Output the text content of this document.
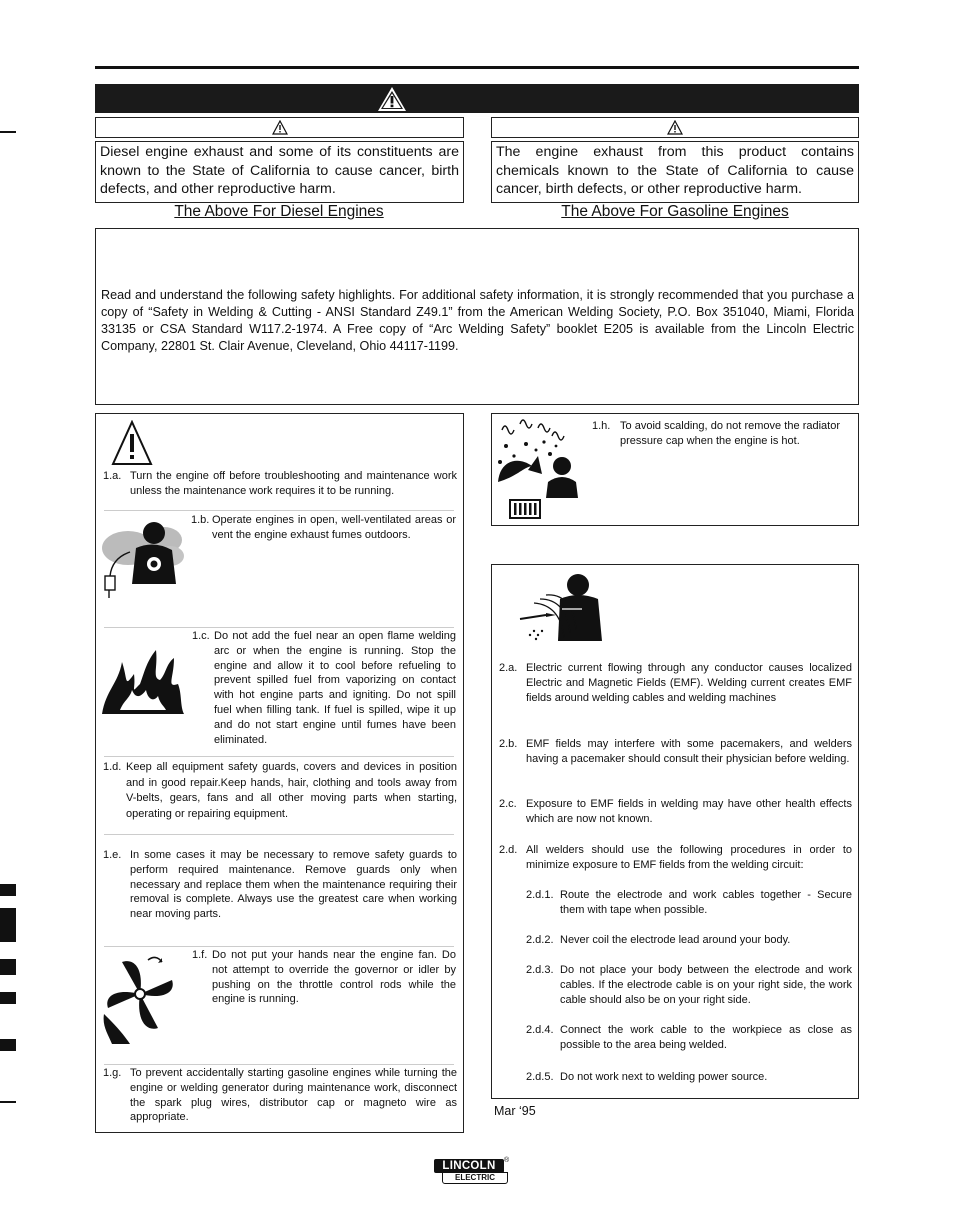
Diesel engine exhaust and some of its constituents are known to the State of California to cause cancer, birth defects, and other reproductive harm.

The engine exhaust from this product contains chemicals known to the State of California to cause cancer, birth defects, or other reproductive harm.

The Above For Diesel Engines	The Above For Gasoline Engines

Read and understand the following safety highlights. For additional safety information, it is strongly recommended that you purchase a copy of “Safety in Welding & Cutting - ANSI Standard Z49.1” from the American Welding Society, P.O. Box 351040, Miami, Florida 33135 or CSA Standard W117.2-1974. A Free copy of “Arc Welding Safety” booklet E205 is available from the Lincoln Electric Company, 22801 St. Clair Avenue, Cleveland, Ohio 44117-1199.

1.a. Turn the engine off before troubleshooting and maintenance work unless the maintenance work requires it to be running.
1.b. Operate engines in open, well-ventilated areas or vent the engine exhaust fumes outdoors.
1.c. Do not add the fuel near an open flame welding arc or when the engine is running. Stop the engine and allow it to cool before refueling to prevent spilled fuel from vaporizing on contact with hot engine parts and igniting. Do not spill fuel when filling tank. If fuel is spilled, wipe it up and do not start engine until fumes have been eliminated.
1.d. Keep all equipment safety guards, covers and devices in position and in good repair.Keep hands, hair, clothing and tools away from V-belts, gears, fans and all other moving parts when starting, operating or repairing equipment.
1.e. In some cases it may be necessary to remove safety guards to perform required maintenance. Remove guards only when necessary and replace them when the maintenance requiring their removal is complete. Always use the greatest care when working near moving parts.
1.f. Do not put your hands near the engine fan. Do not attempt to override the governor or idler by pushing on the throttle control rods while the engine is running.
1.g. To prevent accidentally starting gasoline engines while turning the engine or welding generator during maintenance work, disconnect the spark plug wires, distributor cap or magneto wire as appropriate.
1.h. To avoid scalding, do not remove the radiator pressure cap when the engine is hot.
2.a. Electric current flowing through any conductor causes localized Electric and Magnetic Fields (EMF). Welding current creates EMF fields around welding cables and welding machines
2.b. EMF fields may interfere with some pacemakers, and welders having a pacemaker should consult their physician before welding.
2.c. Exposure to EMF fields in welding may have other health effects which are now not known.
2.d. All welders should use the following procedures in order to minimize exposure to EMF fields from the welding circuit:
2.d.1. Route the electrode and work cables together - Secure them with tape when possible.
2.d.2. Never coil the electrode lead around your body.
2.d.3. Do not place your body between the electrode and work cables. If the electrode cable is on your right side, the work cable should also be on your right side.
2.d.4. Connect the work cable to the workpiece as close as possible to the area being welded.
2.d.5. Do not work next to welding power source.
Mar ‘95
LINCOLN	®
ELECTRIC
